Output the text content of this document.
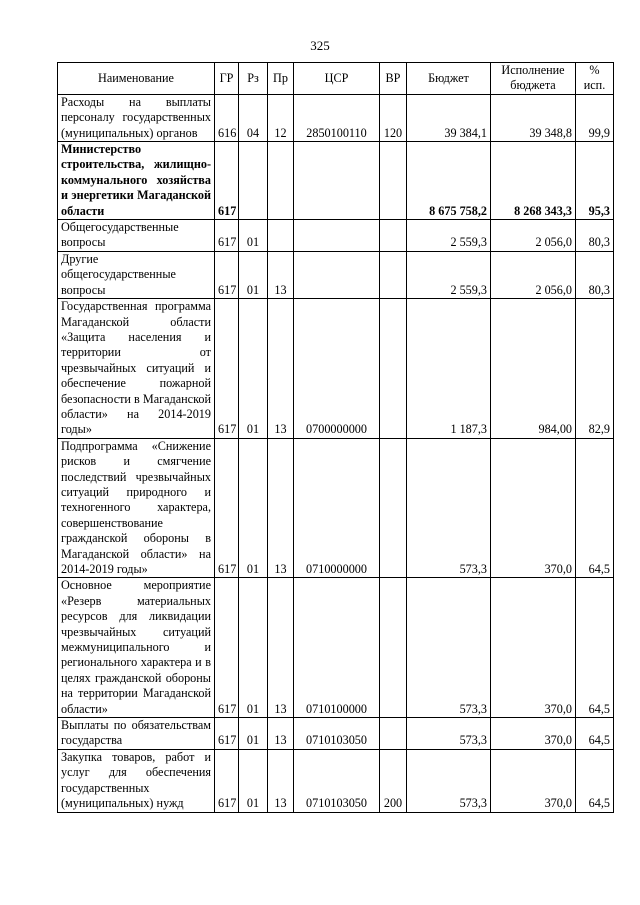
325
Наименование	ГР	Рз	Пр	ЦСР	ВР	Бюджет	Исполнение бюджета	% исп.
Расходы на выплаты персоналу государственных (муниципальных) органов	616	04	12	2850100110	120	39 384,1	39 348,8	99,9
Министерство строительства, жилищно-коммунального хозяйства и энергетики Магаданской области	617					8 675 758,2	8 268 343,3	95,3
Общегосударственные вопросы	617	01				2 559,3	2 056,0	80,3
Другие общегосударственные вопросы	617	01	13			2 559,3	2 056,0	80,3
Государственная программа Магаданской области «Защита населения и территории от чрезвычайных ситуаций и обеспечение пожарной безопасности в Магаданской области» на 2014-2019 годы»	617	01	13	0700000000		1 187,3	984,00	82,9
Подпрограмма «Снижение рисков и смягчение последствий чрезвычайных ситуаций природного и техногенного характера, совершенствование гражданской обороны в Магаданской области» на 2014-2019 годы»	617	01	13	0710000000		573,3	370,0	64,5
Основное мероприятие «Резерв материальных ресурсов для ликвидации чрезвычайных ситуаций межмуниципального и регионального характера и в целях гражданской обороны на территории Магаданской области»	617	01	13	0710100000		573,3	370,0	64,5
Выплаты по обязательствам государства	617	01	13	0710103050		573,3	370,0	64,5
Закупка товаров, работ и услуг для обеспечения государственных (муниципальных) нужд	617	01	13	0710103050	200	573,3	370,0	64,5
